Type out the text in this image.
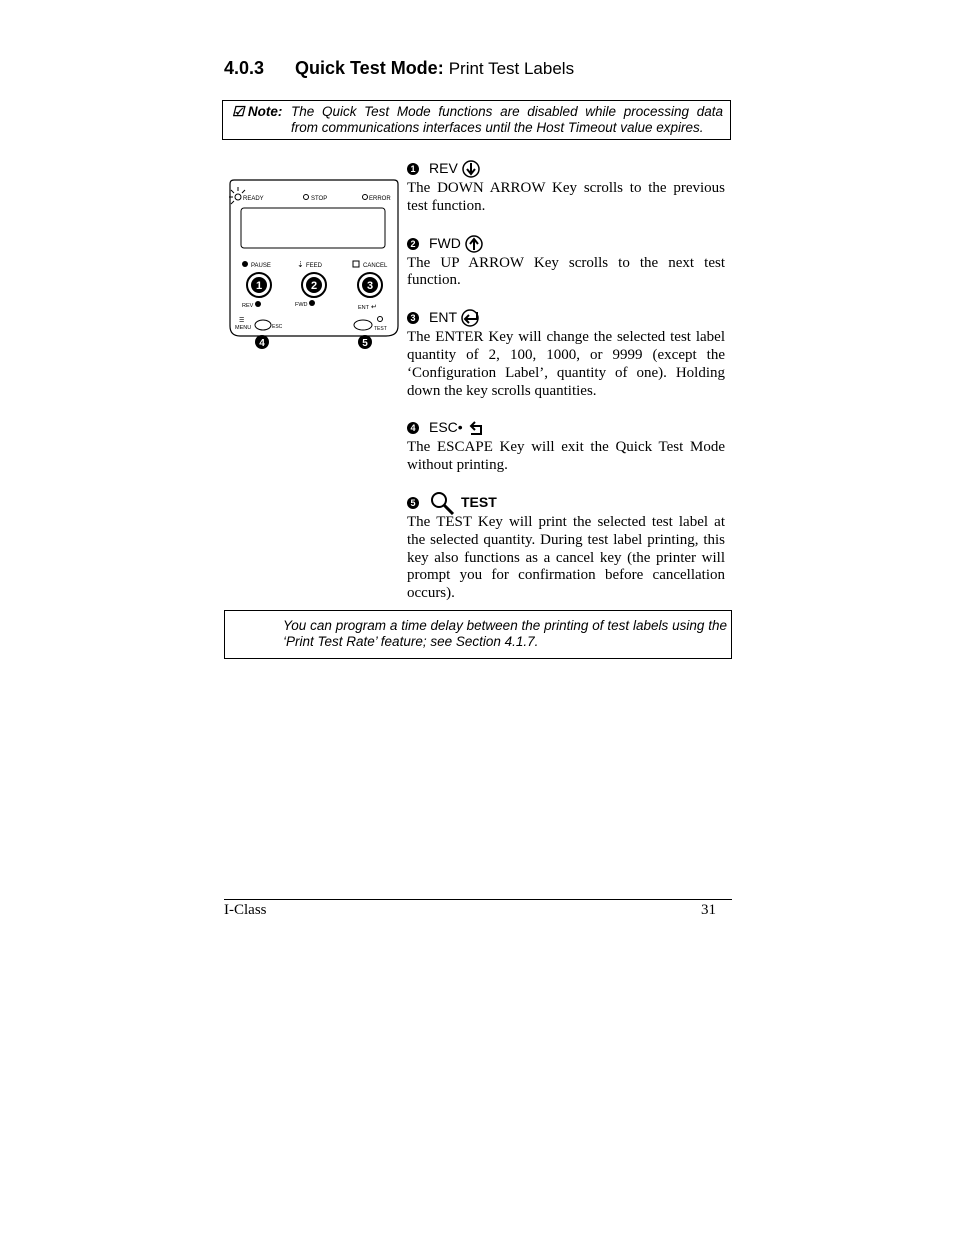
4.0.3 Quick Test Mode: Print Test Labels
☑ Note: The Quick Test Mode functions are disabled while processing data
from communications interfaces until the Host Timeout value expires.
READY	STOP	ERROR
PAUSE	⇣ FEED	CANCEL
1	2	3
REV	FWD	ENT ↵
☰
MENU	ESC	TEST
4	5
1 REV
The DOWN ARROW Key scrolls to the previous test function.
2 FWD
The UP ARROW Key scrolls to the next test function.
3 ENT
The ENTER Key will change the selected test label quantity of 2, 100, 1000, or 9999 (except the ‘Configuration Label’, quantity of one). Holding down the key scrolls quantities.
4 ESC•
The ESCAPE Key will exit the Quick Test Mode without printing.
5	TEST
The TEST Key will print the selected test label at the selected quantity. During test label printing, this key also functions as a cancel key (the printer will prompt you for confirmation before cancellation occurs).
You can program a time delay between the printing of test labels using the ‘Print Test Rate’ feature; see Section 4.1.7.
I-Class	31
